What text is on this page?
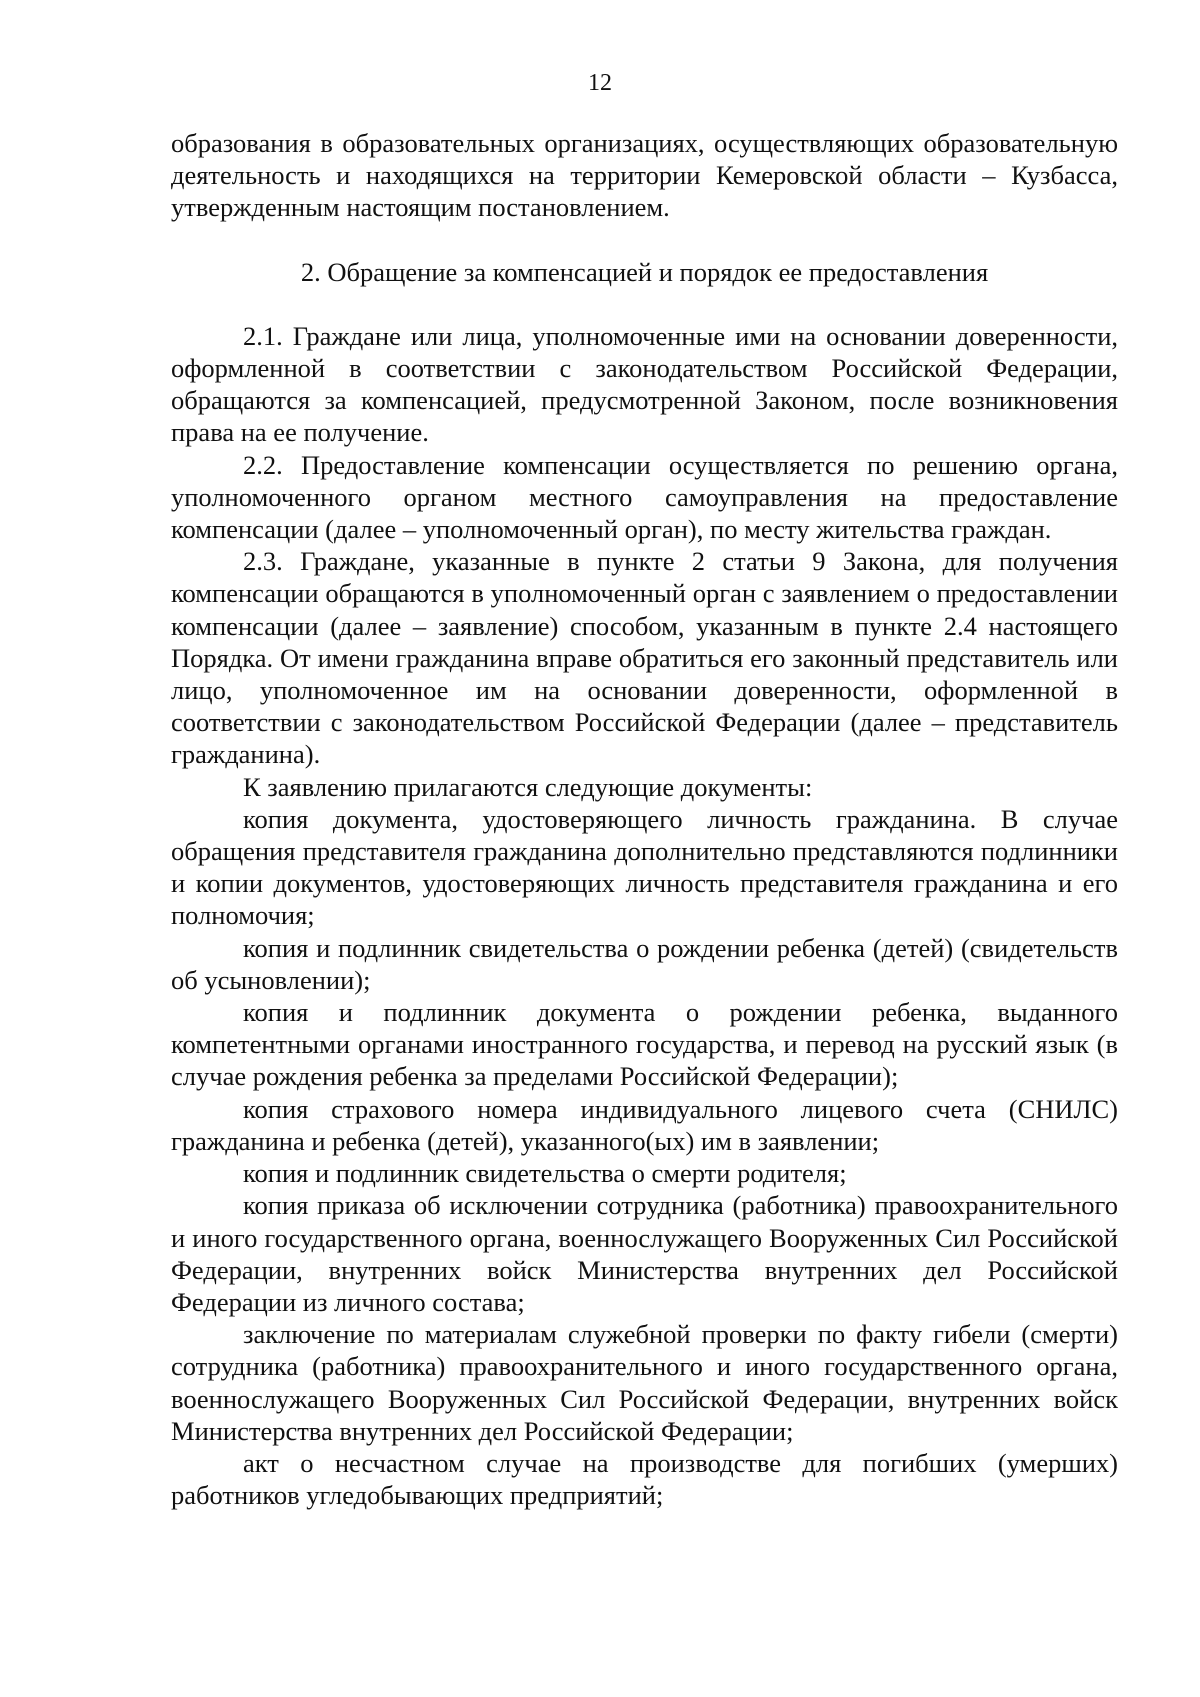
12

образования в образовательных организациях, осуществляющих образовательную деятельность и находящихся на территории Кемеровской области – Кузбасса, утвержденным настоящим постановлением.

2. Обращение за компенсацией и порядок ее предоставления

2.1. Граждане или лица, уполномоченные ими на основании доверенности, оформленной в соответствии с законодательством Российской Федерации, обращаются за компенсацией, предусмотренной Законом, после возникновения права на ее получение.

2.2. Предоставление компенсации осуществляется по решению органа, уполномоченного органом местного самоуправления на предоставление компенсации (далее – уполномоченный орган), по месту жительства граждан.

2.3. Граждане, указанные в пункте 2 статьи 9 Закона, для получения компенсации обращаются в уполномоченный орган с заявлением о предоставлении компенсации (далее – заявление) способом, указанным в пункте 2.4 настоящего Порядка. От имени гражданина вправе обратиться его законный представитель или лицо, уполномоченное им на основании доверенности, оформленной в соответствии с законодательством Российской Федерации (далее – представитель гражданина).

К заявлению прилагаются следующие документы:

копия документа, удостоверяющего личность гражданина. В случае обращения представителя гражданина дополнительно представляются подлинники и копии документов, удостоверяющих личность представителя гражданина и его полномочия;

копия и подлинник свидетельства о рождении ребенка (детей) (свидетельств об усыновлении);

копия и подлинник документа о рождении ребенка, выданного компетентными органами иностранного государства, и перевод на русский язык (в случае рождения ребенка за пределами Российской Федерации);

копия страхового номера индивидуального лицевого счета (СНИЛС) гражданина и ребенка (детей), указанного(ых) им в заявлении;

копия и подлинник свидетельства о смерти родителя;

копия приказа об исключении сотрудника (работника) правоохранительного и иного государственного органа, военнослужащего Вооруженных Сил Российской Федерации, внутренних войск Министерства внутренних дел Российской Федерации из личного состава;

заключение по материалам служебной проверки по факту гибели (смерти) сотрудника (работника) правоохранительного и иного государственного органа, военнослужащего Вооруженных Сил Российской Федерации, внутренних войск Министерства внутренних дел Российской Федерации;

акт о несчастном случае на производстве для погибших (умерших) работников угледобывающих предприятий;
